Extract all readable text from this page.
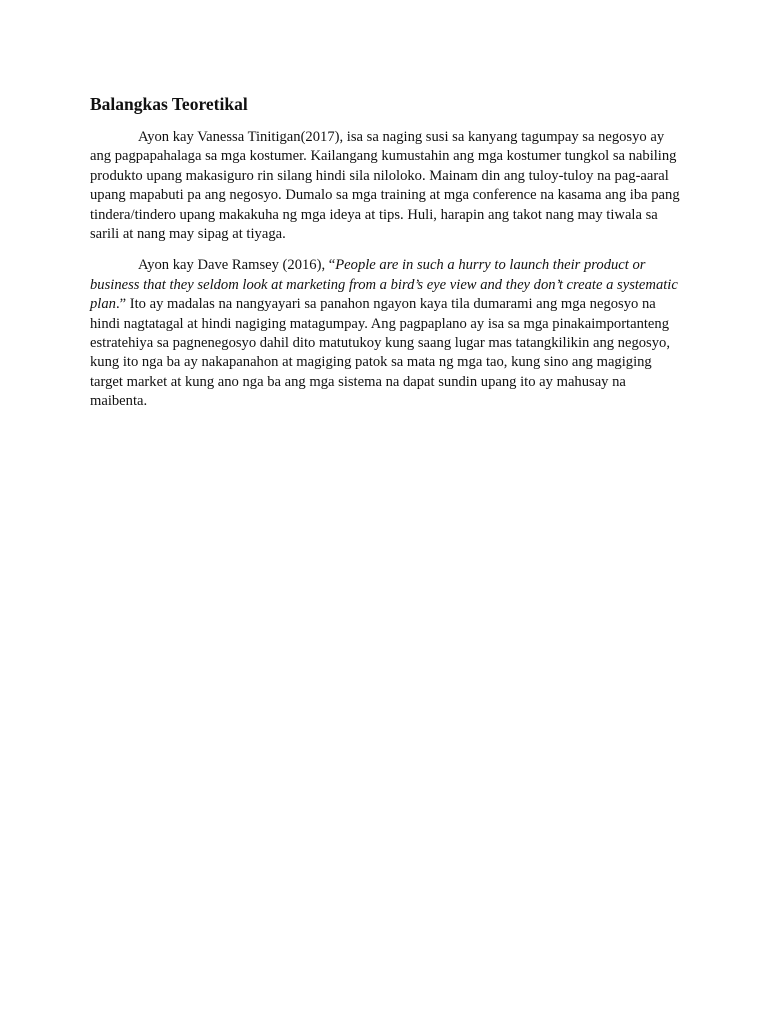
Balangkas Teoretikal

Ayon kay Vanessa Tinitigan(2017), isa sa naging susi sa kanyang tagumpay sa negosyo ay ang pagpapahalaga sa mga kostumer. Kailangang kumustahin ang mga kostumer tungkol sa nabiling produkto upang makasiguro rin silang hindi sila niloloko. Mainam din ang tuloy-tuloy na pag-aaral upang mapabuti pa ang negosyo. Dumalo sa mga training at mga conference na kasama ang iba pang tindera/tindero upang makakuha ng mga ideya at tips. Huli, harapin ang takot nang may tiwala sa sarili at nang may sipag at tiyaga.

Ayon kay Dave Ramsey (2016), “People are in such a hurry to launch their product or business that they seldom look at marketing from a bird’s eye view and they don’t create a systematic plan.” Ito ay madalas na nangyayari sa panahon ngayon kaya tila dumarami ang mga negosyo na hindi nagtatagal at hindi nagiging matagumpay. Ang pagpaplano ay isa sa mga pinakaimportanteng estratehiya sa pagnenegosyo dahil dito matutukoy kung saang lugar mas tatangkilikin ang negosyo, kung ito nga ba ay nakapanahon at magiging patok sa mata ng mga tao, kung sino ang magiging target market at kung ano nga ba ang mga sistema na dapat sundin upang ito ay mahusay na maibenta.
